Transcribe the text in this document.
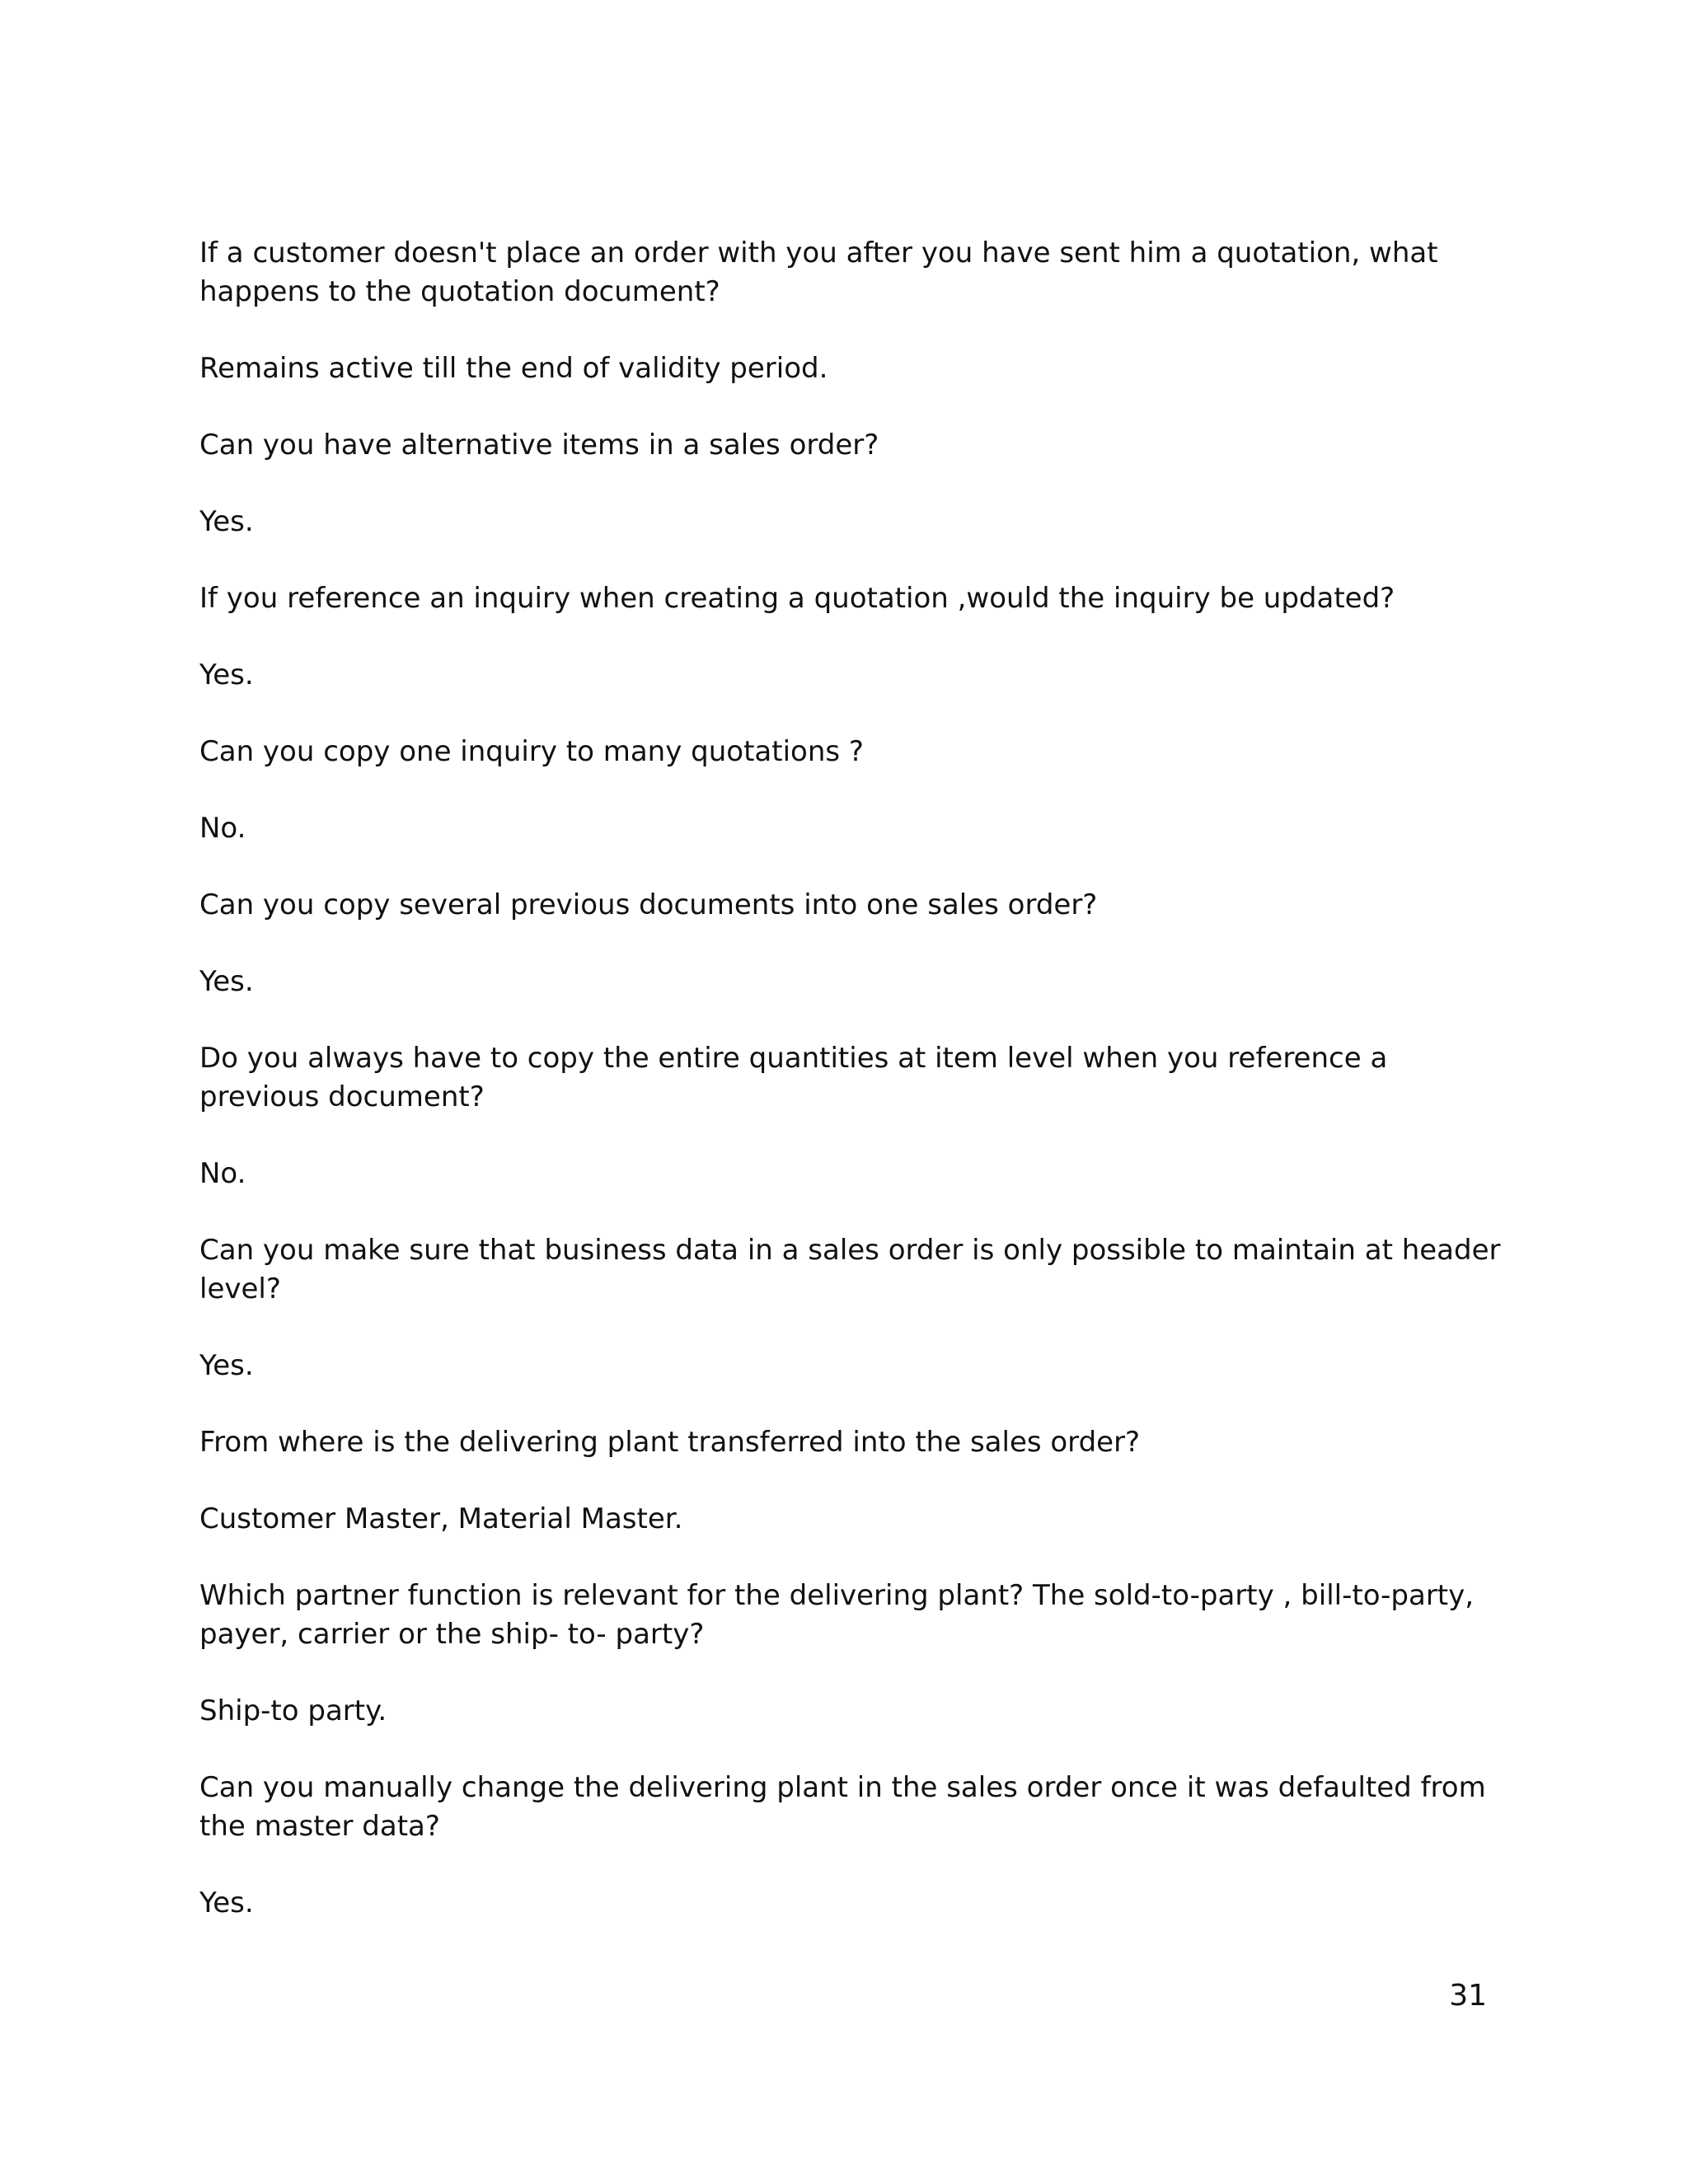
If a customer doesn't place an order with you after you have sent him a quotation, what happens to the quotation document?

Remains active till the end of validity period.

Can you have alternative items in a sales order?

Yes.

If you reference an inquiry when creating a quotation ,would the inquiry be updated?

Yes.

Can you copy one inquiry to many quotations ?

No.

Can you copy several previous documents into one sales order?

Yes.

Do you always have to copy the entire quantities at item level when you reference a previous document?

No.

Can you make sure that business data in a sales order is only possible to maintain at header level?

Yes.

From where is the delivering plant transferred into the sales order?

Customer Master, Material Master.

Which partner function is relevant for the delivering plant? The sold-to-party , bill-to-party, payer, carrier or the ship- to- party?

Ship-to party.

Can you manually change the delivering plant in the sales order once it was defaulted from the master data?

Yes.

31
